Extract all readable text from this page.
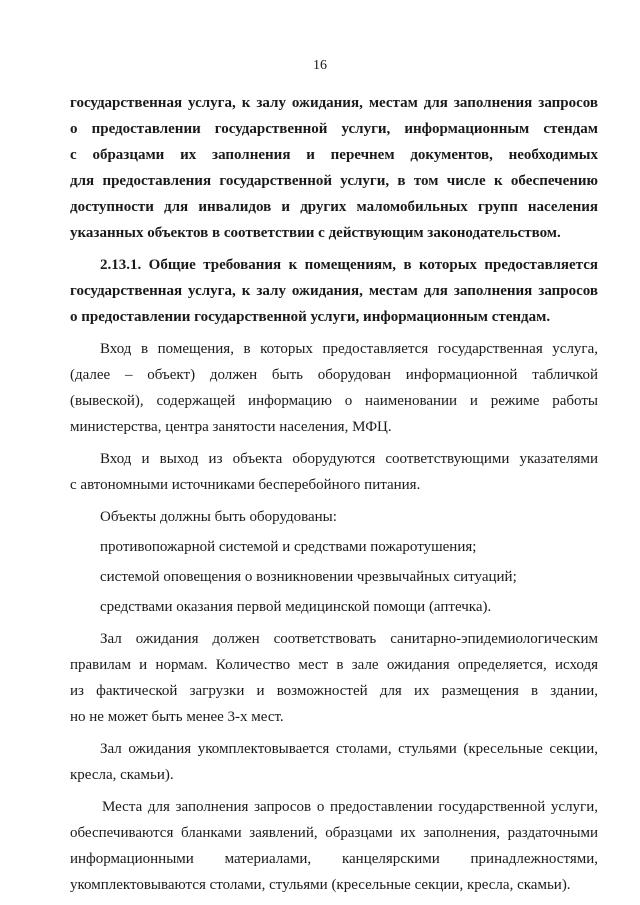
16
государственная услуга, к залу ожидания, местам для заполнения запросов
о предоставлении государственной услуги, информационным стендам
с образцами их заполнения и перечнем документов, необходимых
для предоставления государственной услуги, в том числе к обеспечению
доступности для инвалидов и других маломобильных групп населения
указанных объектов в соответствии с действующим законодательством.
2.13.1. Общие требования к помещениям, в которых предоставляется
государственная услуга, к залу ожидания, местам для заполнения запросов
о предоставлении государственной услуги, информационным стендам.
Вход в помещения, в которых предоставляется государственная услуга,
(далее – объект) должен быть оборудован информационной табличкой
(вывеской), содержащей информацию о наименовании и режиме работы
министерства, центра занятости населения, МФЦ.
Вход и выход из объекта оборудуются соответствующими указателями
с автономными источниками бесперебойного питания.
Объекты должны быть оборудованы:
противопожарной системой и средствами пожаротушения;
системой оповещения о возникновении чрезвычайных ситуаций;
средствами оказания первой медицинской помощи (аптечка).
Зал ожидания должен соответствовать санитарно-эпидемиологическим
правилам и нормам. Количество мест в зале ожидания определяется, исходя
из фактической загрузки и возможностей для их размещения в здании,
но не может быть менее 3-х мест.
Зал ожидания укомплектовывается столами, стульями (кресельные секции,
кресла, скамьи).
Места для заполнения запросов о предоставлении государственной услуги,
обеспечиваются бланками заявлений, образцами их заполнения, раздаточными
информационными материалами, канцелярскими принадлежностями,
укомплектовываются столами, стульями (кресельные секции, кресла, скамьи).
